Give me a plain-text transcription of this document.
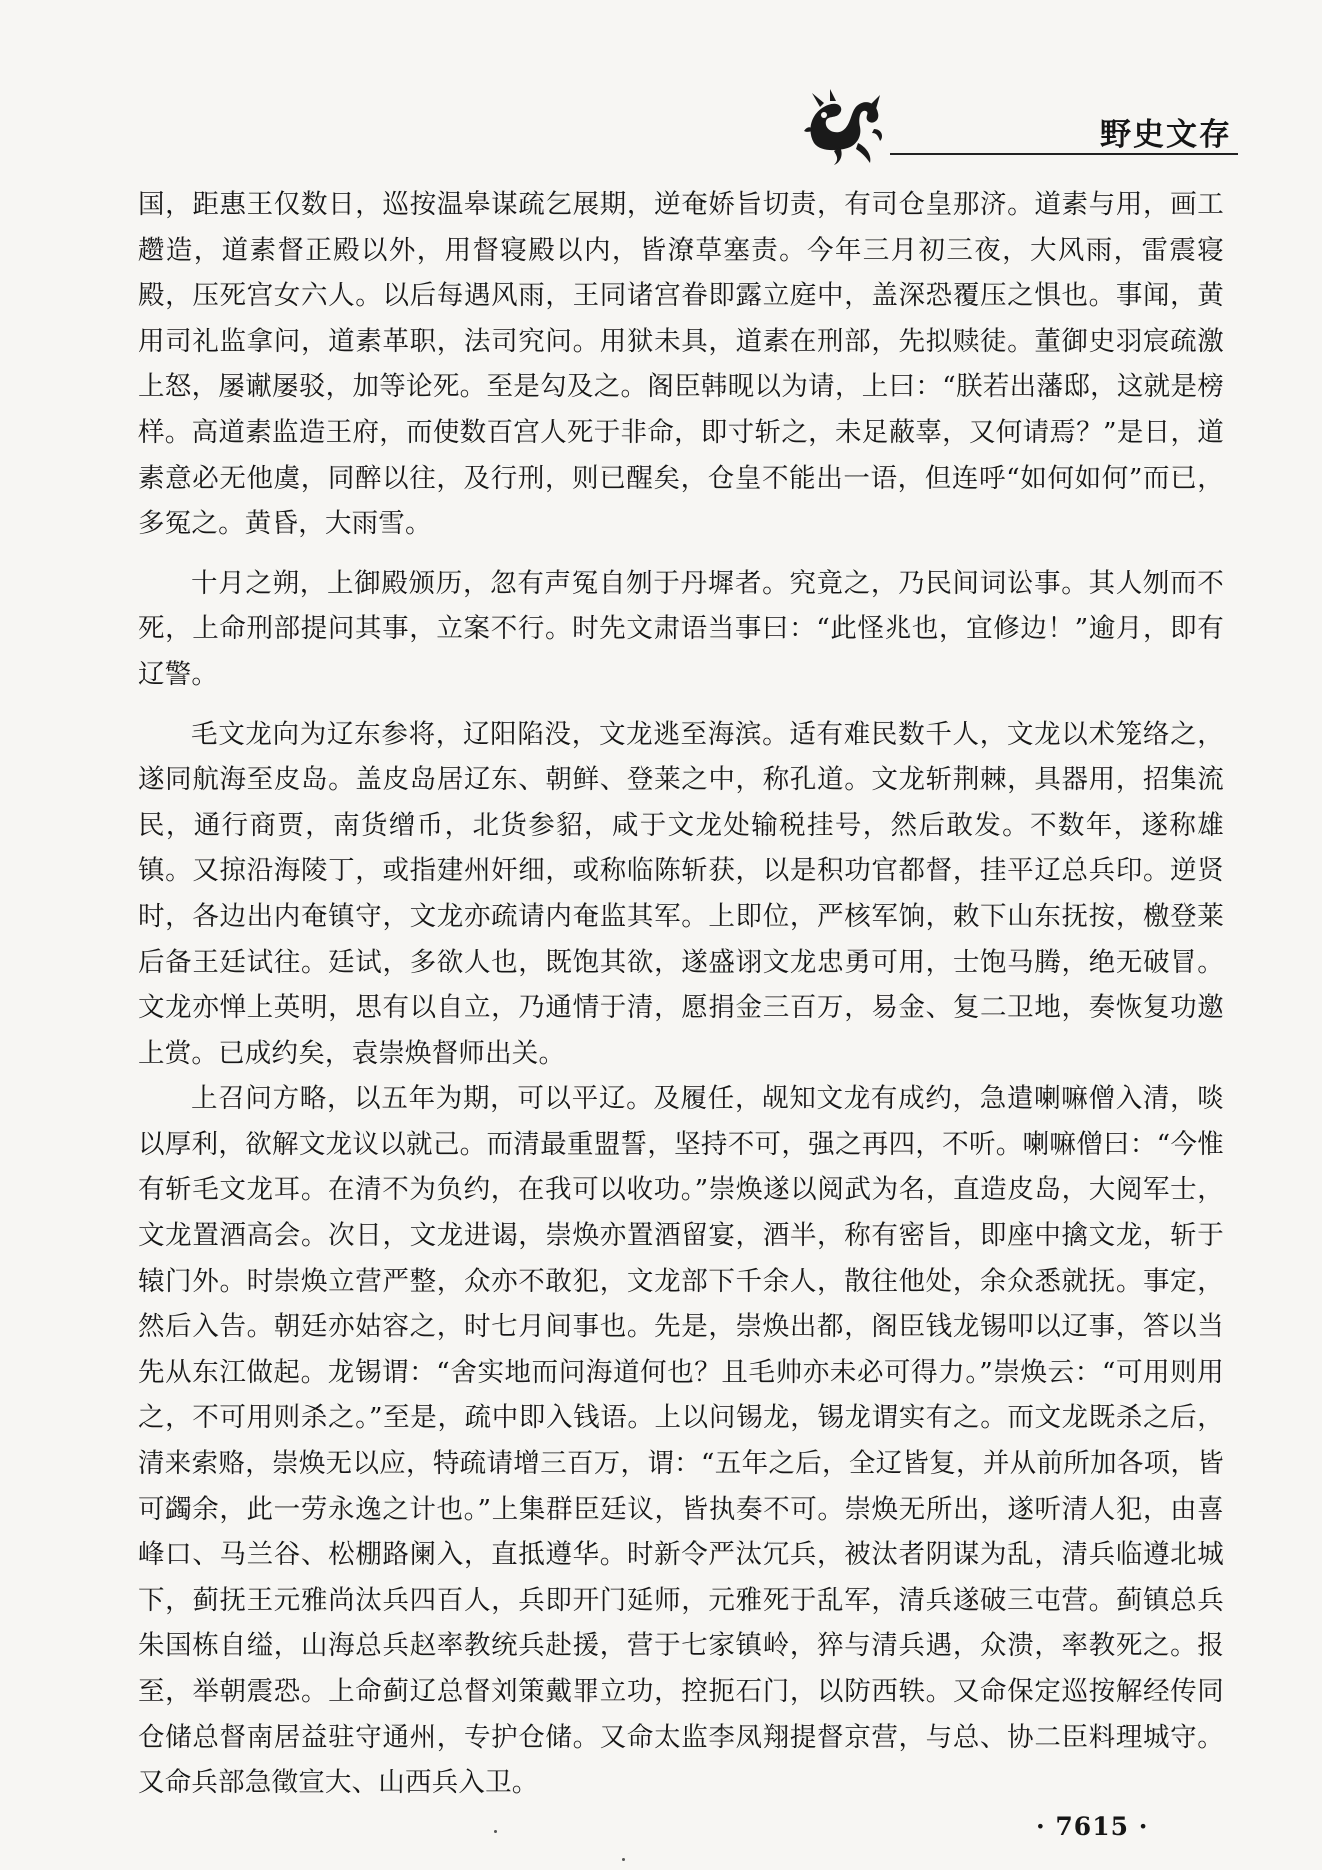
野史文存

国，距惠王仅数日，巡按温皋谋疏乞展期，逆奄娇旨切责，有司仓皇那济。道素与用，画工趱造，道素督正殿以外，用督寝殿以内，皆潦草塞责。今年三月初三夜，大风雨，雷震寝殿，压死宫女六人。以后每遇风雨，王同诸宫眷即露立庭中，盖深恐覆压之惧也。事闻，黄用司礼监拿问，道素革职，法司究问。用狱未具，道素在刑部，先拟赎徒。董御史羽宸疏激上怒，屡谳屡驳，加等论死。至是勾及之。阁臣韩𬀪以为请，上曰：“朕若出藩邸，这就是榜样。高道素监造王府，而使数百宫人死于非命，即寸斩之，未足蔽辜，又何请焉？”是日，道素意必无他虞，同醉以往，及行刑，则已醒矣，仓皇不能出一语，但连呼“如何如何”而已，多冤之。黄昏，大雨雪。

十月之朔，上御殿颁历，忽有声冤自刎于丹墀者。究竟之，乃民间词讼事。其人刎而不死，上命刑部提问其事，立案不行。时先文肃语当事曰：“此怪兆也，宜修边！”逾月，即有辽警。

毛文龙向为辽东参将，辽阳陷没，文龙逃至海滨。适有难民数千人，文龙以术笼络之，遂同航海至皮岛。盖皮岛居辽东、朝鲜、登莱之中，称孔道。文龙斩荆棘，具器用，招集流民，通行商贾，南货缯币，北货参貂，咸于文龙处输税挂号，然后敢发。不数年，遂称雄镇。又掠沿海陵丁，或指建州奸细，或称临陈斩获，以是积功官都督，挂平辽总兵印。逆贤时，各边出内奄镇守，文龙亦疏请内奄监其军。上即位，严核军饷，敕下山东抚按，檄登莱后备王廷试往。廷试，多欲人也，既饱其欲，遂盛诩文龙忠勇可用，士饱马腾，绝无破冒。文龙亦惮上英明，思有以自立，乃通情于清，愿捐金三百万，易金、复二卫地，奏恢复功邀上赏。已成约矣，袁崇焕督师出关。

上召问方略，以五年为期，可以平辽。及履任，觇知文龙有成约，急遣喇嘛僧入清，啖以厚利，欲解文龙议以就己。而清最重盟誓，坚持不可，强之再四，不听。喇嘛僧曰：“今惟有斩毛文龙耳。在清不为负约，在我可以收功。”崇焕遂以阅武为名，直造皮岛，大阅军士，文龙置酒高会。次日，文龙进谒，崇焕亦置酒留宴，酒半，称有密旨，即座中擒文龙，斩于辕门外。时崇焕立营严整，众亦不敢犯，文龙部下千余人，散往他处，余众悉就抚。事定，然后入告。朝廷亦姑容之，时七月间事也。先是，崇焕出都，阁臣钱龙锡叩以辽事，答以当先从东江做起。龙锡谓：“舍实地而问海道何也？且毛帅亦未必可得力。”崇焕云：“可用则用之，不可用则杀之。”至是，疏中即入钱语。上以问锡龙，锡龙谓实有之。而文龙既杀之后，清来索赂，崇焕无以应，特疏请增三百万，谓：“五年之后，全辽皆复，并从前所加各项，皆可蠲余，此一劳永逸之计也。”上集群臣廷议，皆执奏不可。崇焕无所出，遂听清人犯，由喜峰口、马兰谷、松棚路阑入，直抵遵华。时新令严汰冗兵，被汰者阴谋为乱，清兵临遵北城下，蓟抚王元雅尚汰兵四百人，兵即开门延师，元雅死于乱军，清兵遂破三屯营。蓟镇总兵朱国栋自缢，山海总兵赵率教统兵赴援，营于七家镇岭，猝与清兵遇，众溃，率教死之。报至，举朝震恐。上命蓟辽总督刘策戴罪立功，控扼石门，以防西轶。又命保定巡按解经传同仓储总督南居益驻守通州，专护仓储。又命太监李凤翔提督京营，与总、协二臣料理城守。又命兵部急徵宣大、山西兵入卫。

· 7615 ·
